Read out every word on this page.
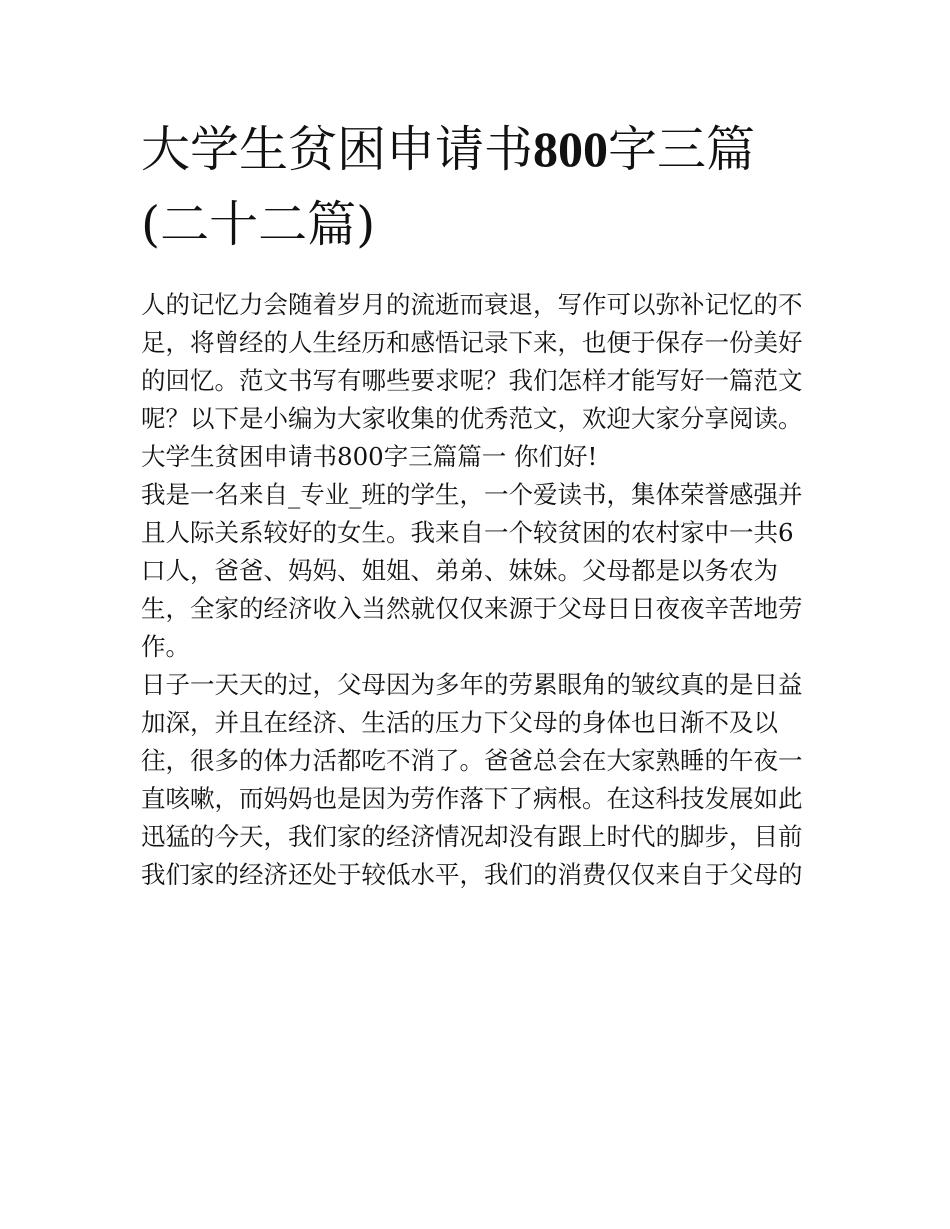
大学生贫困申请书800字三篇
(二十二篇)

人的记忆力会随着岁月的流逝而衰退，写作可以弥补记忆的不
足，将曾经的人生经历和感悟记录下来，也便于保存一份美好
的回忆。范文书写有哪些要求呢？我们怎样才能写好一篇范文
呢？以下是小编为大家收集的优秀范文，欢迎大家分享阅读。

大学生贫困申请书800字三篇篇一 你们好!

我是一名来自_专业_班的学生，一个爱读书，集体荣誉感强并
且人际关系较好的女生。我来自一个较贫困的农村家中一共6
口人，爸爸、妈妈、姐姐、弟弟、妹妹。父母都是以务农为
生，全家的经济收入当然就仅仅来源于父母日日夜夜辛苦地劳
作。

日子一天天的过，父母因为多年的劳累眼角的皱纹真的是日益
加深，并且在经济、生活的压力下父母的身体也日渐不及以
往，很多的体力活都吃不消了。爸爸总会在大家熟睡的午夜一
直咳嗽，而妈妈也是因为劳作落下了病根。在这科技发展如此
迅猛的今天，我们家的经济情况却没有跟上时代的脚步，目前
我们家的经济还处于较低水平，我们的消费仅仅来自于父母的
